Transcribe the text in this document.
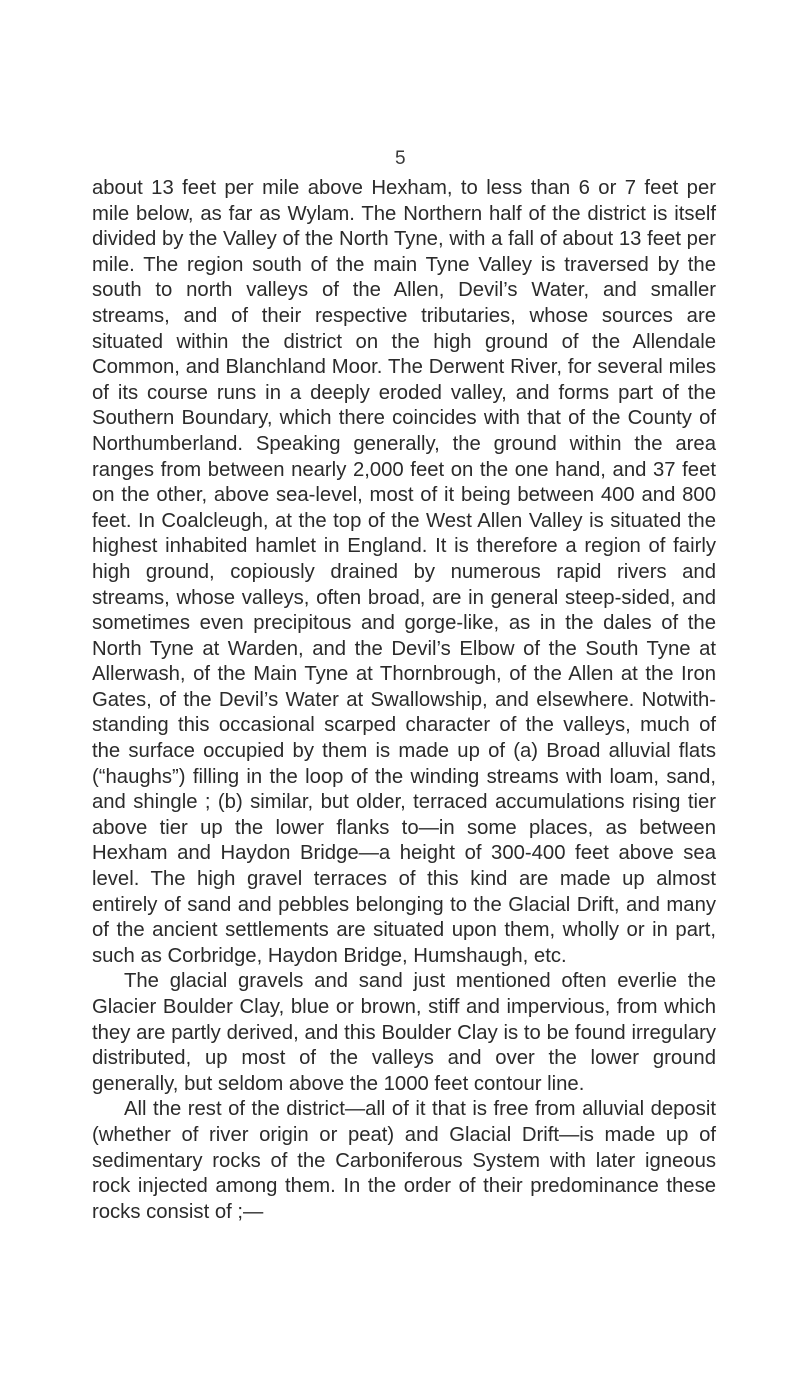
5

about 13 feet per mile above Hexham, to less than 6 or 7 feet per mile below, as far as Wylam. The Northern half of the district is itself divided by the Valley of the North Tyne, with a fall of about 13 feet per mile. The region south of the main Tyne Valley is traversed by the south to north valleys of the Allen, Devil’s Water, and smaller streams, and of their respective tributaries, whose sources are situated within the district on the high ground of the Allendale Common, and Blanchland Moor. The Derwent River, for several miles of its course runs in a deeply eroded valley, and forms part of the Southern Boundary, which there coincides with that of the County of Northumberland. Speaking generally, the ground within the area ranges from between nearly 2,000 feet on the one hand, and 37 feet on the other, above sea-level, most of it being between 400 and 800 feet. In Coalcleugh, at the top of the West Allen Valley is situated the highest inhabited hamlet in England. It is therefore a region of fairly high ground, copiously drained by numerous rapid rivers and streams, whose valleys, often broad, are in general steep-sided, and sometimes even precipitous and gorge-like, as in the dales of the North Tyne at Warden, and the Devil’s Elbow of the South Tyne at Allerwash, of the Main Tyne at Thornbrough, of the Allen at the Iron Gates, of the Devil’s Water at Swallowship, and elsewhere. Notwithstanding this occasional scarped character of the valleys, much of the surface occupied by them is made up of (a) Broad alluvial flats (“haughs”) filling in the loop of the winding streams with loam, sand, and shingle ; (b) similar, but older, terraced accumulations rising tier above tier up the lower flanks to—in some places, as between Hexham and Haydon Bridge—a height of 300-400 feet above sea level. The high gravel terraces of this kind are made up almost entirely of sand and pebbles belonging to the Glacial Drift, and many of the ancient settlements are situated upon them, wholly or in part, such as Corbridge, Haydon Bridge, Humshaugh, etc.

The glacial gravels and sand just mentioned often everlie the Glacier Boulder Clay, blue or brown, stiff and impervious, from which they are partly derived, and this Boulder Clay is to be found irregulary distributed, up most of the valleys and over the lower ground generally, but seldom above the 1000 feet contour line.

All the rest of the district—all of it that is free from alluvial deposit (whether of river origin or peat) and Glacial Drift—is made up of sedimentary rocks of the Carboniferous System with later igneous rock injected among them. In the order of their predominance these rocks consist of ;—
